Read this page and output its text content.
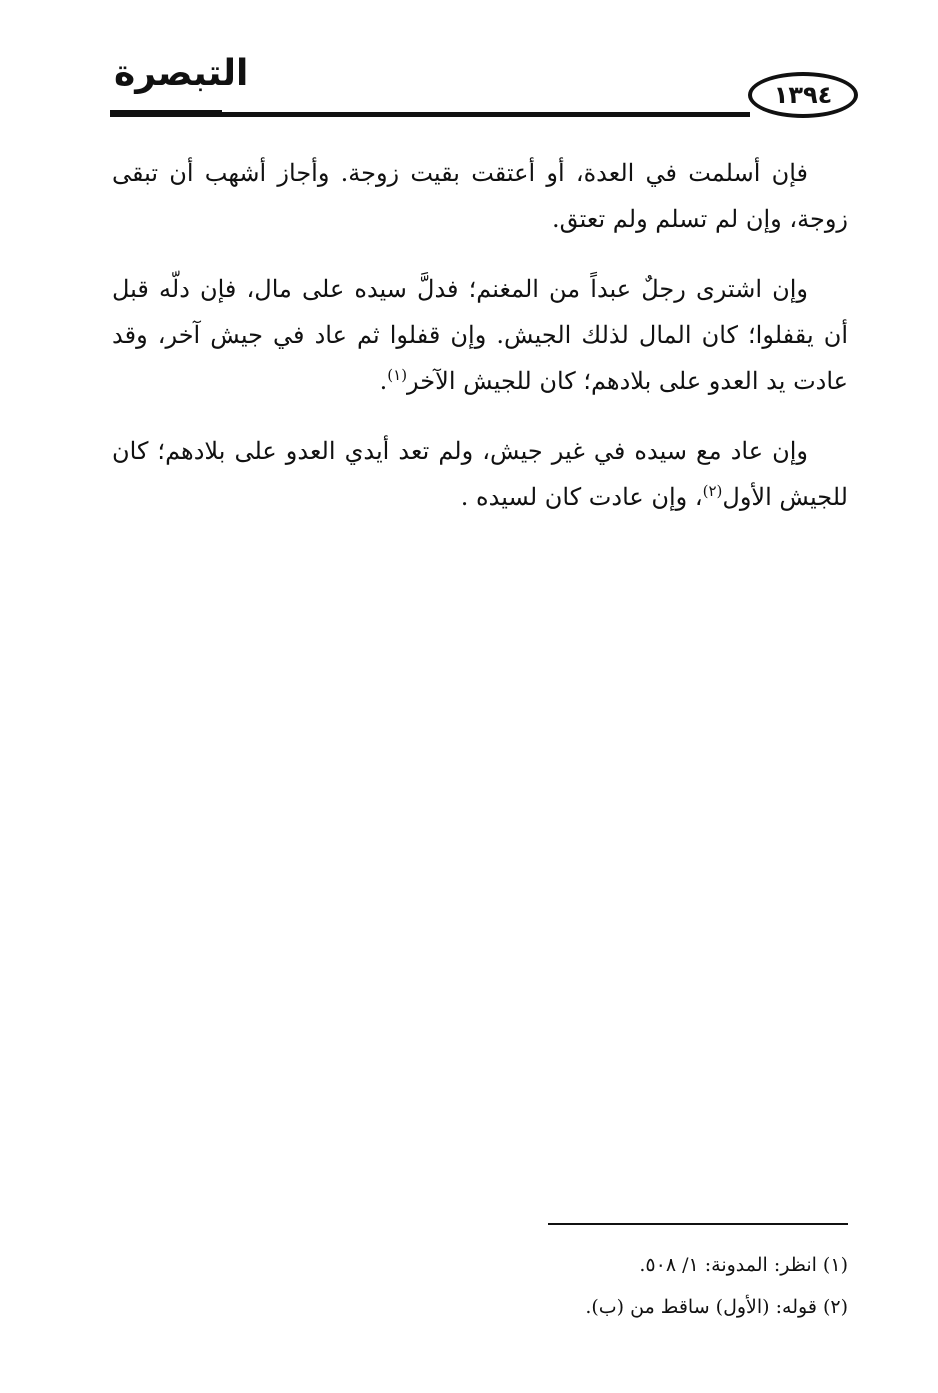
التبصرة
١٣٩٤

فإن أسلمت في العدة، أو أعتقت بقيت زوجة. وأجاز أشهب أن تبقى زوجة، وإن لم تسلم ولم تعتق.

وإن اشترى رجلٌ عبداً من المغنم؛ فدلَّ سيده على مال، فإن دلّه قبل أن يقفلوا؛ كان المال لذلك الجيش. وإن قفلوا ثم عاد في جيش آخر، وقد عادت يد العدو على بلادهم؛ كان للجيش الآخر$^{(١)}$.

وإن عاد مع سيده في غير جيش، ولم تعد أيدي العدو على بلادهم؛ كان للجيش الأول$^{(٢)}$، وإن عادت كان لسيده .

(١) انظر: المدونة: ١/ ٥٠٨.

(٢) قوله: (الأول) ساقط من (ب).
